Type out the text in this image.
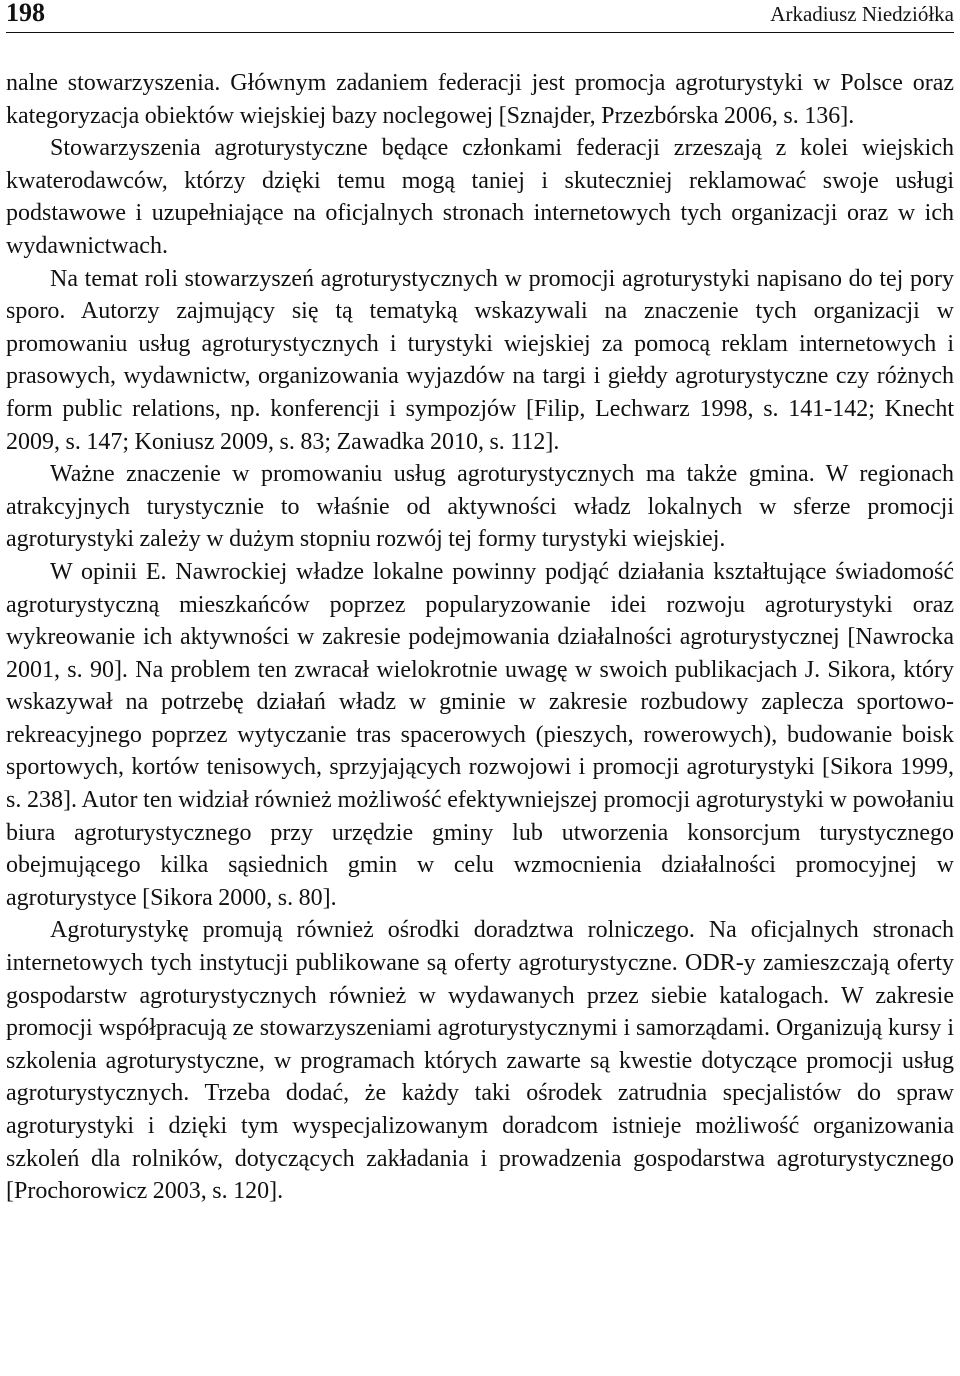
198	Arkadiusz Niedziółka

nalne stowarzyszenia. Głównym zadaniem federacji jest promocja agroturystyki w Polsce oraz kategoryzacja obiektów wiejskiej bazy noclegowej [Sznajder, Przezbórska 2006, s. 136].

Stowarzyszenia agroturystyczne będące członkami federacji zrzeszają z kolei wiejskich kwaterodawców, którzy dzięki temu mogą taniej i skuteczniej reklamować swoje usługi podstawowe i uzupełniające na oficjalnych stronach internetowych tych organizacji oraz w ich wydawnictwach.

Na temat roli stowarzyszeń agroturystycznych w promocji agroturystyki napisano do tej pory sporo. Autorzy zajmujący się tą tematyką wskazywali na znaczenie tych organizacji w promowaniu usług agroturystycznych i turystyki wiejskiej za pomocą reklam internetowych i prasowych, wydawnictw, organizowania wyjazdów na targi i giełdy agroturystyczne czy różnych form public relations, np. konferencji i sympozjów [Filip, Lechwarz 1998, s. 141-142; Knecht 2009, s. 147; Koniusz 2009, s. 83; Zawadka 2010, s. 112].

Ważne znaczenie w promowaniu usług agroturystycznych ma także gmina. W regionach atrakcyjnych turystycznie to właśnie od aktywności władz lokalnych w sferze promocji agroturystyki zależy w dużym stopniu rozwój tej formy turystyki wiejskiej.

W opinii E. Nawrockiej władze lokalne powinny podjąć działania kształtujące świadomość agroturystyczną mieszkańców poprzez popularyzowanie idei rozwoju agroturystyki oraz wykreowanie ich aktywności w zakresie podejmowania działalności agroturystycznej [Nawrocka 2001, s. 90]. Na problem ten zwracał wielokrotnie uwagę w swoich publikacjach J. Sikora, który wskazywał na potrzebę działań władz w gminie w zakresie rozbudowy zaplecza sportowo-rekreacyjnego poprzez wytyczanie tras spacerowych (pieszych, rowerowych), budowanie boisk sportowych, kortów tenisowych, sprzyjających rozwojowi i promocji agroturystyki [Sikora 1999, s. 238]. Autor ten widział również możliwość efektywniejszej promocji agroturystyki w powołaniu biura agroturystycznego przy urzędzie gminy lub utworzenia konsorcjum turystycznego obejmującego kilka sąsiednich gmin w celu wzmocnienia działalności promocyjnej w agroturystyce [Sikora 2000, s. 80].

Agroturystykę promują również ośrodki doradztwa rolniczego. Na oficjalnych stronach internetowych tych instytucji publikowane są oferty agroturystyczne. ODR-y zamieszczają oferty gospodarstw agroturystycznych również w wydawanych przez siebie katalogach. W zakresie promocji współpracują ze stowarzyszeniami agroturystycznymi i samorządami. Organizują kursy i szkolenia agroturystyczne, w programach których zawarte są kwestie dotyczące promocji usług agroturystycznych. Trzeba dodać, że każdy taki ośrodek zatrudnia specjalistów do spraw agroturystyki i dzięki tym wyspecjalizowanym doradcom istnieje możliwość organizowania szkoleń dla rolników, dotyczących zakładania i prowadzenia gospodarstwa agroturystycznego [Prochorowicz 2003, s. 120].
